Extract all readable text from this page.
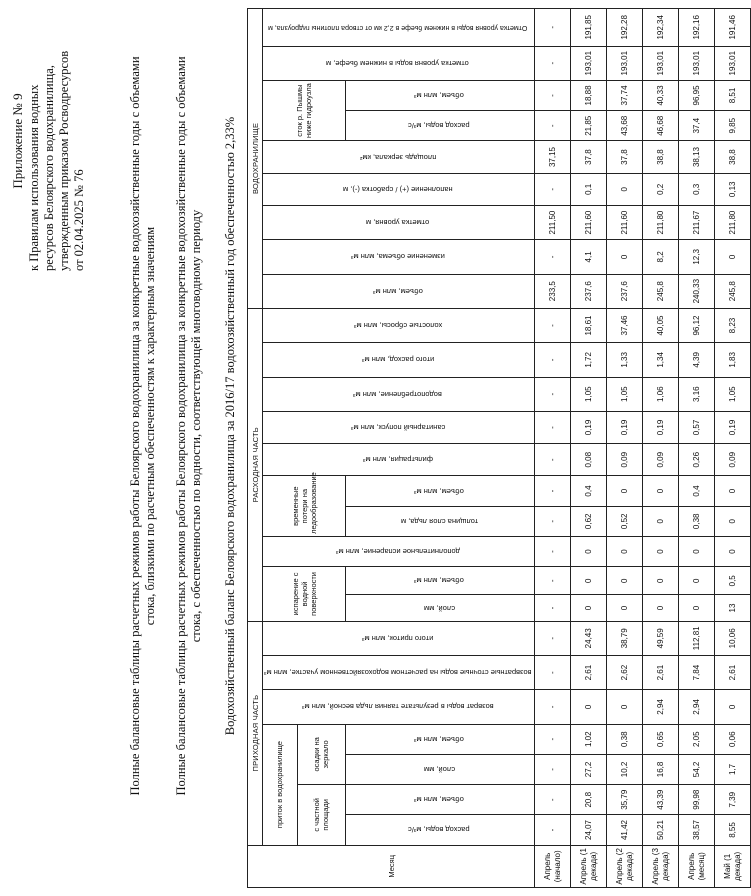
Приложение № 9 к Правилам использования водных ресурсов Белоярского водохранилища, утвержденным приказом Росводресурсов от 02.04.2025 № 76	Полные балансовые таблицы расчетных режимов работы Белоярского водохранилища за конкретные водохозяйственные годы с объемами стока, близкими по расчетным обеспеченностям к характерным значениям Полные балансовые таблицы расчетных режимов работы Белоярского водохранилища за конкретные водохозяйственные годы с объемами стока, с обеспеченностью по водности, соответствующей многоводному периоду Водохозяйственный баланс Белоярского водохранилища за 2016/17 водохозяйственный год обеспеченностью 2,33%
Месяц	ПРИХОДНАЯ ЧАСТЬ							РАСХОДНАЯ ЧАСТЬ										ВОДОХРАНИЛИЩЕ								
	приток в водохранилище				возврат воды в результате таяния льда весной, млн м³	возвратные сточные воды на расчетном водохозяйственном участке, млн м³	итого приток, млн м³	испарение с водной поверхности		дополнительное испарение, млн м³	временные потери на ледообразование		фильтрация, млн м³	санитарный попуск, млн м³	водопотребление, млн м³	итого расход, млн м³	холостые сбросы, млн м³	объем, млн м³	изменение объема, млн м³	отметка уровня, м	наполнение (+) / сработка (-), м	площадь зеркала, км²	сток р. Пышмы ниже гидроузла		отметка уровня воды в нижнем бьефе, м	Отметка уровня воды в нижнем бьефе в 2,2 км от створа плотины гидроузла, м
	с частной площади		осадки на зеркало																							
	расход воды, м³/с	объем, млн м³	слой, мм	объем, млн м³				слой, мм	объем, млн м³		толщина слоя льда, м	объем, млн м³											расход воды, м³/с	объем, млн м³		
Апрель (начало)	-	-	-	-	-	-	-	-	-	-	-	-	-	-	-	-	-	233,5	-	211,50	-	37,15	-	-	-	-
Апрель (1 декада)	24,07	20,8	27,2	1,02	0	2,61	24,43	0	0	0	0,62	0,4	0,08	0,19	1,05	1,72	18,61	237,6	4,1	211,60	0,1	37,8	21,85	18,88	193,01	191,85
Апрель (2 декада)	41,42	35,79	10,2	0,38	0	2,62	38,79	0	0	0	0,52	0	0,09	0,19	1,05	1,33	37,46	237,6	0	211,60	0	37,8	43,68	37,74	193,01	192,28
Апрель (3 декада)	50,21	43,39	16,8	0,65	2,94	2,61	49,59	0	0	0	0	0	0,09	0,19	1,06	1,34	40,05	245,8	8,2	211,80	0,2	38,8	46,68	40,33	193,01	192,34
Апрель (месяц)	38,57	99,98	54,2	2,05	2,94	7,84	112,81	0	0	0	0,38	0,4	0,26	0,57	3,16	4,39	96,12	240,33	12,3	211,67	0,3	38,13	37,4	96,95	193,01	192,16
Май (1 декада)	8,55	7,39	1,7	0,06	0	2,61	10,06	13	0,5	0	0	0	0,09	0,19	1,05	1,83	8,23	245,8	0	211,80	0,13	38,8	9,85	8,51	193,01	191,46
